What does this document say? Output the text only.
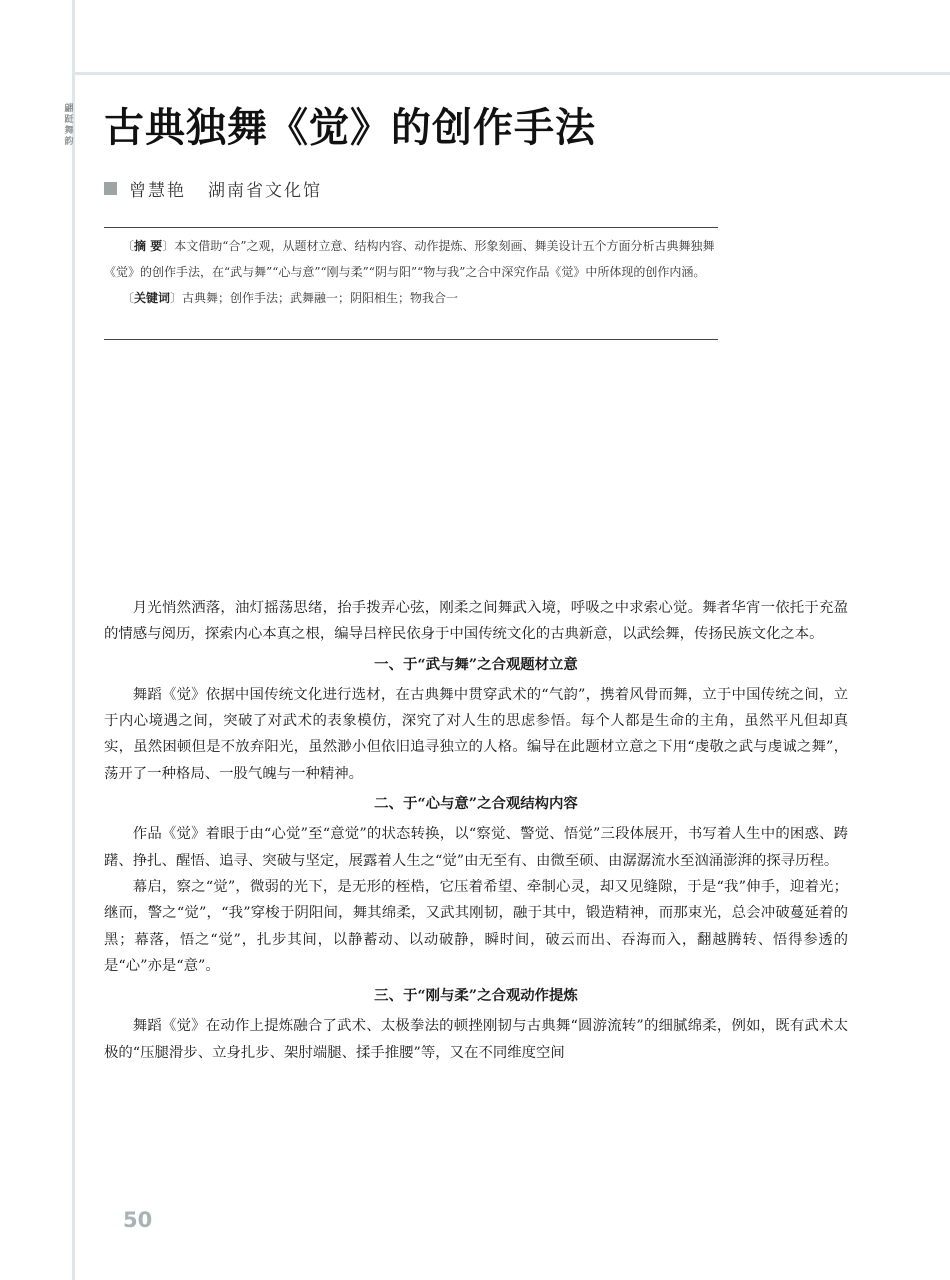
翩跹舞韵 古典独舞《觉》的创作手法
曾慧艳 湖南省文化馆

〔摘 要〕本文借助“合”之观，从题材立意、结构内容、动作提炼、形象刻画、舞美设计五个方面分析古典舞独舞《觉》的创作手法，在“武与舞”“心与意”“刚与柔”“阴与阳”“物与我”之合中深究作品《觉》中所体现的创作内涵。

〔关键词〕古典舞；创作手法；武舞融一；阴阳相生；物我合一

月光悄然洒落，油灯摇荡思绪，抬手拨弄心弦，刚柔之间舞武入境，呼吸之中求索心觉。舞者华宵一依托于充盈的情感与阅历，探索内心本真之根，编导吕梓民依身于中国传统文化的古典新意，以武绘舞，传扬民族文化之本。

一、于“武与舞”之合观题材立意

舞蹈《觉》依据中国传统文化进行选材，在古典舞中贯穿武术的“气韵”，携着风骨而舞，立于中国传统之间，立于内心境遇之间，突破了对武术的表象模仿，深究了对人生的思虑参悟。每个人都是生命的主角，虽然平凡但却真实，虽然困顿但是不放弃阳光，虽然渺小但依旧追寻独立的人格。编导在此题材立意之下用“虔敬之武与虔诚之舞”，荡开了一种格局、一股气魄与一种精神。

二、于“心与意”之合观结构内容

作品《觉》着眼于由“心觉”至“意觉”的状态转换，以“察觉、警觉、悟觉”三段体展开，书写着人生中的困惑、踌躇、挣扎、醒悟、追寻、突破与坚定，展露着人生之“觉”由无至有、由微至硕、由潺潺流水至汹涌澎湃的探寻历程。

幕启，察之“觉”，微弱的光下，是无形的桎梏，它压着希望、牵制心灵，却又见缝隙，于是“我”伸手，迎着光；继而，警之“觉”，“我”穿梭于阴阳间，舞其绵柔，又武其刚韧，融于其中，锻造精神，而那束光，总会冲破蔓延着的黑；幕落，悟之“觉”，扎步其间，以静蓄动、以动破静，瞬时间，破云而出、吞海而入，翻越腾转、悟得参透的是“心”亦是“意”。

三、于“刚与柔”之合观动作提炼

舞蹈《觉》在动作上提炼融合了武术、太极拳法的顿挫刚韧与古典舞“圆游流转”的细腻绵柔，例如，既有武术太极的“压腿滑步、立身扎步、架肘端腿、揉手推腰”等，又在不同维度空间

50
